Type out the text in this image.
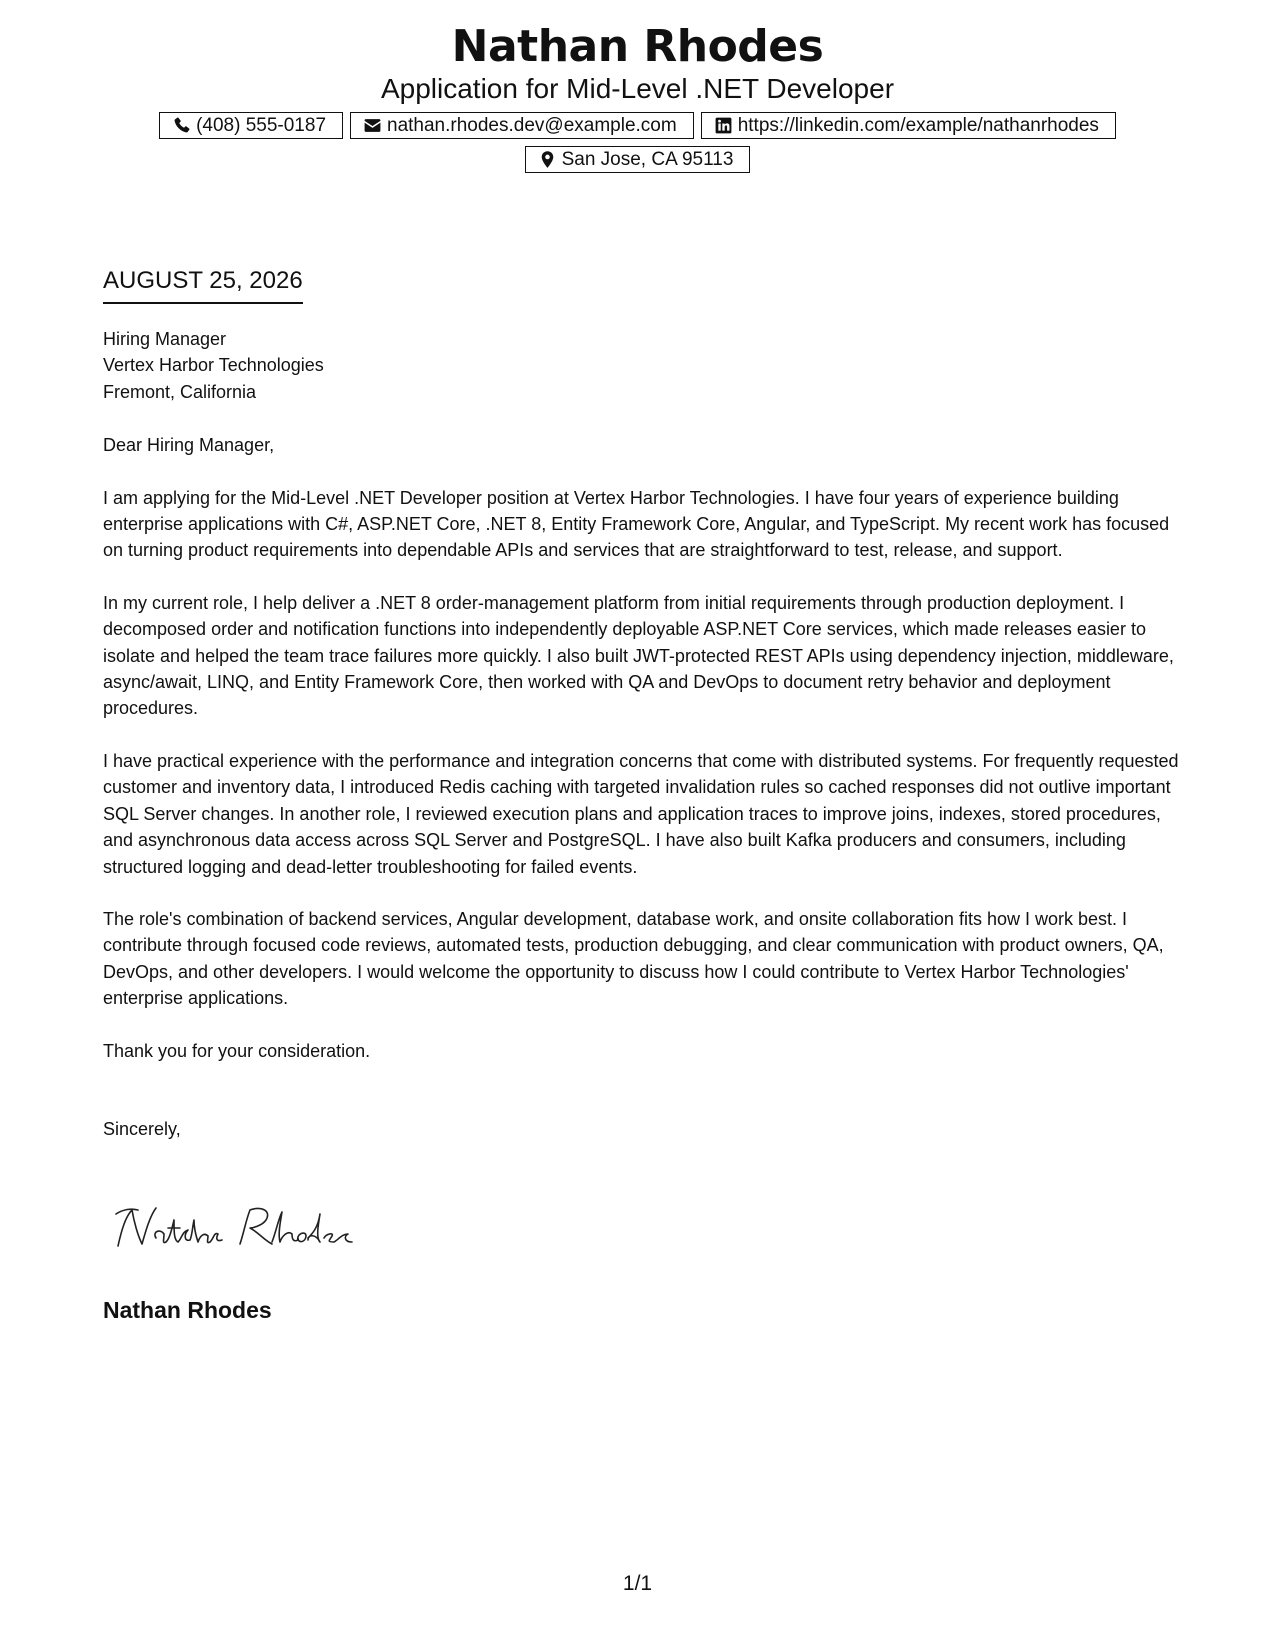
Nathan Rhodes
Application for Mid-Level .NET Developer
(408) 555-0187	nathan.rhodes.dev@example.com	https://linkedin.com/example/nathanrhodes
San Jose, CA 95113
AUGUST 25, 2026
Hiring Manager
Vertex Harbor Technologies
Fremont, California
Dear Hiring Manager,

I am applying for the Mid-Level .NET Developer position at Vertex Harbor Technologies. I have four years of experience building enterprise applications with C#, ASP.NET Core, .NET 8, Entity Framework Core, Angular, and TypeScript. My recent work has focused on turning product requirements into dependable APIs and services that are straightforward to test, release, and support.

In my current role, I help deliver a .NET 8 order-management platform from initial requirements through production deployment. I decomposed order and notification functions into independently deployable ASP.NET Core services, which made releases easier to isolate and helped the team trace failures more quickly. I also built JWT-protected REST APIs using dependency injection, middleware, async/await, LINQ, and Entity Framework Core, then worked with QA and DevOps to document retry behavior and deployment procedures.

I have practical experience with the performance and integration concerns that come with distributed systems. For frequently requested customer and inventory data, I introduced Redis caching with targeted invalidation rules so cached responses did not outlive important SQL Server changes. In another role, I reviewed execution plans and application traces to improve joins, indexes, stored procedures, and asynchronous data access across SQL Server and PostgreSQL. I have also built Kafka producers and consumers, including structured logging and dead-letter troubleshooting for failed events.

The role's combination of backend services, Angular development, database work, and onsite collaboration fits how I work best. I contribute through focused code reviews, automated tests, production debugging, and clear communication with product owners, QA, DevOps, and other developers. I would welcome the opportunity to discuss how I could contribute to Vertex Harbor Technologies' enterprise applications.

Thank you for your consideration.
Sincerely,
Nathan Rhodes
1/1
